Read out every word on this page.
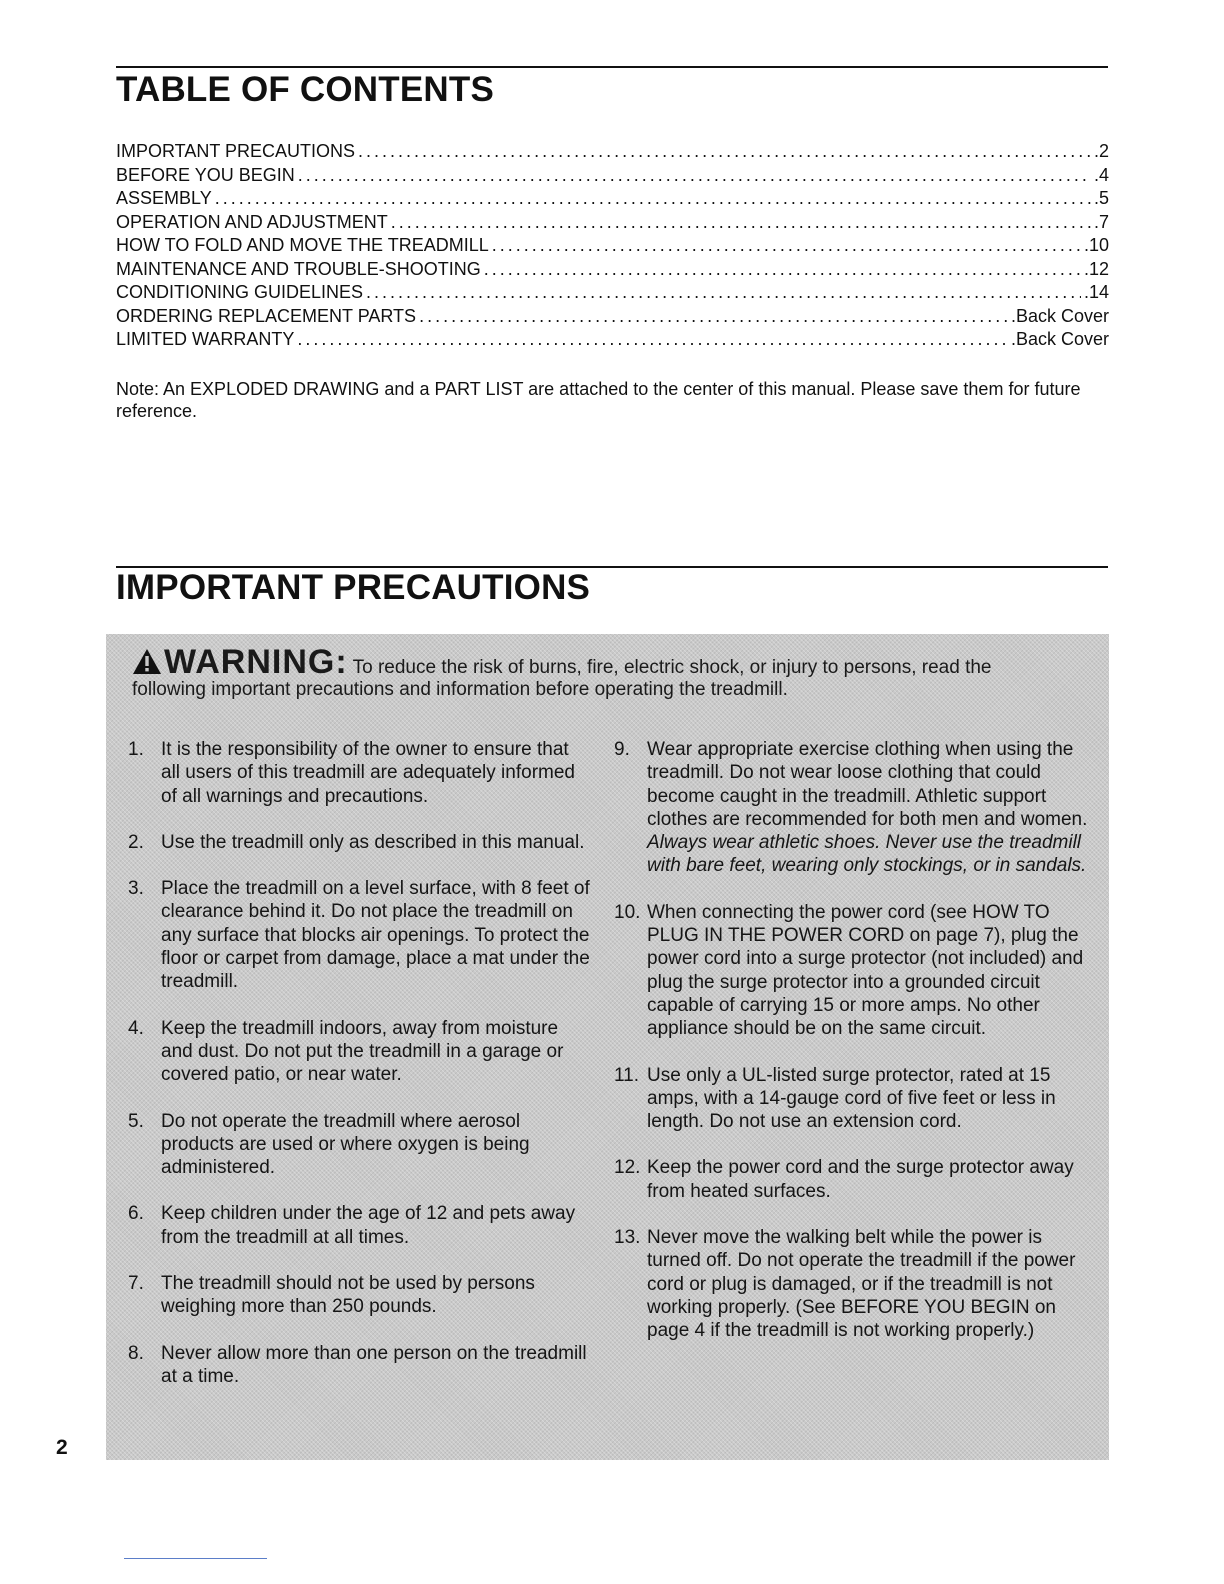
TABLE OF CONTENTS
IMPORTANT PRECAUTIONS . . .	.2
BEFORE YOU BEGIN . . .	.4
ASSEMBLY . . .	.5
OPERATION AND ADJUSTMENT . . .	.7
HOW TO FOLD AND MOVE THE TREADMILL . . .	.10
MAINTENANCE AND TROUBLE-SHOOTING . . .	.12
CONDITIONING GUIDELINES . . .	.14
ORDERING REPLACEMENT PARTS . . .	.Back Cover
LIMITED WARRANTY . . .	.Back Cover

Note: An EXPLODED DRAWING and a PART LIST are attached to the center of this manual. Please save them for future reference.

IMPORTANT PRECAUTIONS
WARNING: To reduce the risk of burns, fire, electric shock, or injury to persons, read the
following important precautions and information before operating the treadmill.
1. It is the responsibility of the owner to ensure that all users of this treadmill are adequately informed of all warnings and precautions.
2. Use the treadmill only as described in this manual.
3. Place the treadmill on a level surface, with 8 feet of clearance behind it. Do not place the treadmill on any surface that blocks air openings. To protect the floor or carpet from damage, place a mat under the treadmill.
4. Keep the treadmill indoors, away from moisture and dust. Do not put the treadmill in a garage or covered patio, or near water.
5. Do not operate the treadmill where aerosol products are used or where oxygen is being administered.
6. Keep children under the age of 12 and pets away from the treadmill at all times.
7. The treadmill should not be used by persons weighing more than 250 pounds.
8. Never allow more than one person on the treadmill at a time.
9. Wear appropriate exercise clothing when using the treadmill. Do not wear loose clothing that could become caught in the treadmill. Athletic support clothes are recommended for both men and women. Always wear athletic shoes. Never use the treadmill with bare feet, wearing only stockings, or in sandals.
10. When connecting the power cord (see HOW TO PLUG IN THE POWER CORD on page 7), plug the power cord into a surge protector (not included) and plug the surge protector into a grounded circuit capable of carrying 15 or more amps. No other appliance should be on the same circuit.
11. Use only a UL-listed surge protector, rated at 15 amps, with a 14-gauge cord of five feet or less in length. Do not use an extension cord.
12. Keep the power cord and the surge protector away from heated surfaces.
13. Never move the walking belt while the power is turned off. Do not operate the treadmill if the power cord or plug is damaged, or if the treadmill is not working properly. (See BEFORE YOU BEGIN on page 4 if the treadmill is not working properly.)
2
